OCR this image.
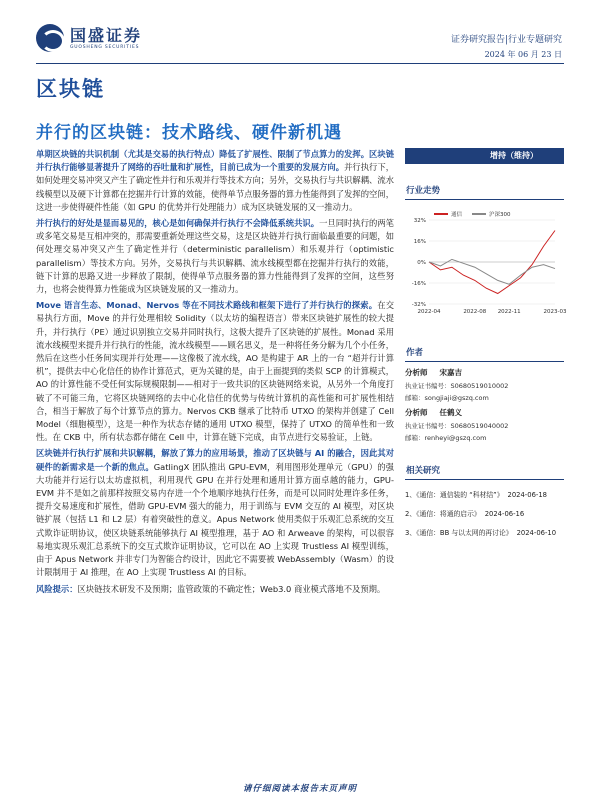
国盛证券
GUOSHENG SECURITIES
证券研究报告|行业专题研究
2024 年 06 月 23 日
区块链
并行的区块链：技术路线、硬件新机遇

单期区块链的共识机制（尤其是交易的执行特点）降低了扩展性、限制了节点算力的发挥。区块链并行执行能够显著提升了网络的吞吐量和扩展性，目前已成为一个重要的发展方向。并行执行下，如何处理交易冲突又产生了确定性并行和乐观并行等技术方向；另外，交易执行与共识解耦、流水线模型以及硬下计算都在挖掘并行计算的效能，使得单节点服务器的算力性能得到了发挥的空间，这进一步使得硬件性能（如 GPU 的优势并行处理能力）成为区块链发展的又一推动力。

并行执行的好处是显而易见的，核心是如何确保并行执行不会降低系统共识。一旦同时执行的两笔或多笔交易是互相冲突的，那需要重新处理这些交易，这是区块链并行执行面临最重要的问题，如何处理交易冲突又产生了确定性并行（deterministic parallelism）和乐观并行（optimistic parallelism）等技术方向。另外，交易执行与共识解耦、流水线模型都在挖掘并行执行的效能，链下计算的思路又进一步释放了限制，使得单节点服务器的算力性能得到了发挥的空间，这些努力，也将会使得算力性能成为区块链发展的又一推动力。

Move 语言生态、Monad、Nervos 等在不同技术路线和框架下进行了并行执行的探索。在交易执行方面，Move 的并行处理相较 Solidity（以太坊的编程语言）带来区块链扩展性的较大提升，并行执行（PE）通过识别独立交易并同时执行，这极大提升了区块链的扩展性。Monad 采用流水线模型来提升并行执行的性能，流水线模型——顾名思义，是一种将任务分解为几个小任务，然后在这些小任务间实现并行处理——这像极了流水线，AO 是构建于 AR 上的一台 “超并行计算机”，提供去中心化信任的协作计算范式，更为关键的是，由于上面提到的类似 SCP 的计算模式，AO 的计算性能不受任何实际规模限制——相对于一致共识的区块链网络来说，从另外一个角度打破了不可能三角，它将区块链网络的去中心化信任的优势与传统计算机的高性能和可扩展性相结合，相当于解放了每个计算节点的算力。Nervos CKB 继承了比特币 UTXO 的架构并创建了 Cell Model（细胞模型），这是一种作为状态存储的通用 UTXO 模型，保持了 UTXO 的简单性和一致性。在 CKB 中，所有状态都存储在 Cell 中，计算在链下完成，由节点进行交易验证，上链。

区块链并行执行扩展和共识解耦，解放了算力的应用场景，推动了区块链与 AI 的融合，因此其对硬件的新需求是一个新的焦点。GatlingX 团队推出 GPU-EVM，利用图形处理单元（GPU）的强大功能并行运行以太坊虚拟机，利用现代 GPU 在并行处理和通用计算方面卓越的能力，GPU-EVM 并不是如之前那样按照交易内存进一个个地顺序地执行任务，而是可以同时处理许多任务，提升交易速度和扩展性，借助 GPU-EVM 强大的能力，用于训练与 EVM 交互的 AI 模型，对区块链扩展（包括 L1 和 L2 层）有着突破性的意义。Apus Network 使用类似于乐观汇总系统的交互式欺诈证明协议，使区块链系统能够执行 AI 模型推理，基于 AO 和 Arweave 的架构，可以很容易地实现乐观汇总系统下的交互式欺诈证明协议，它可以在 AO 上实现 Trustless AI 模型训练，由于 Apus Network 并非专门为智能合约设计，因此它不需要被 WebAssembly（Wasm）的设计限制用于 AI 推理，在 AO 上实现 Trustless AI 的目标。

风险提示：区块链技术研发不及预期；监管政策的不确定性；Web3.0 商业模式落地不及预期。

增持（维持）
行业走势
通信	沪深300
32%
16%
0%
-16%
-32%
2022-04	2022-08 2022-11	2023-03
作者
分析师 宋嘉吉
执业证书编号：S0680519010002
邮箱：songjiaji@gszq.com
分析师 任鹤义
执业证书编号：S0680519040002
邮箱：renheyi@gszq.com
相关研究
1、《通信：通信装的 “科材结”》 2024-06-18
2、《通信：将通的启示》 2024-06-16
3、《通信：BB 与以太网的再讨论》 2024-06-10
请仔细阅读本报告末页声明
